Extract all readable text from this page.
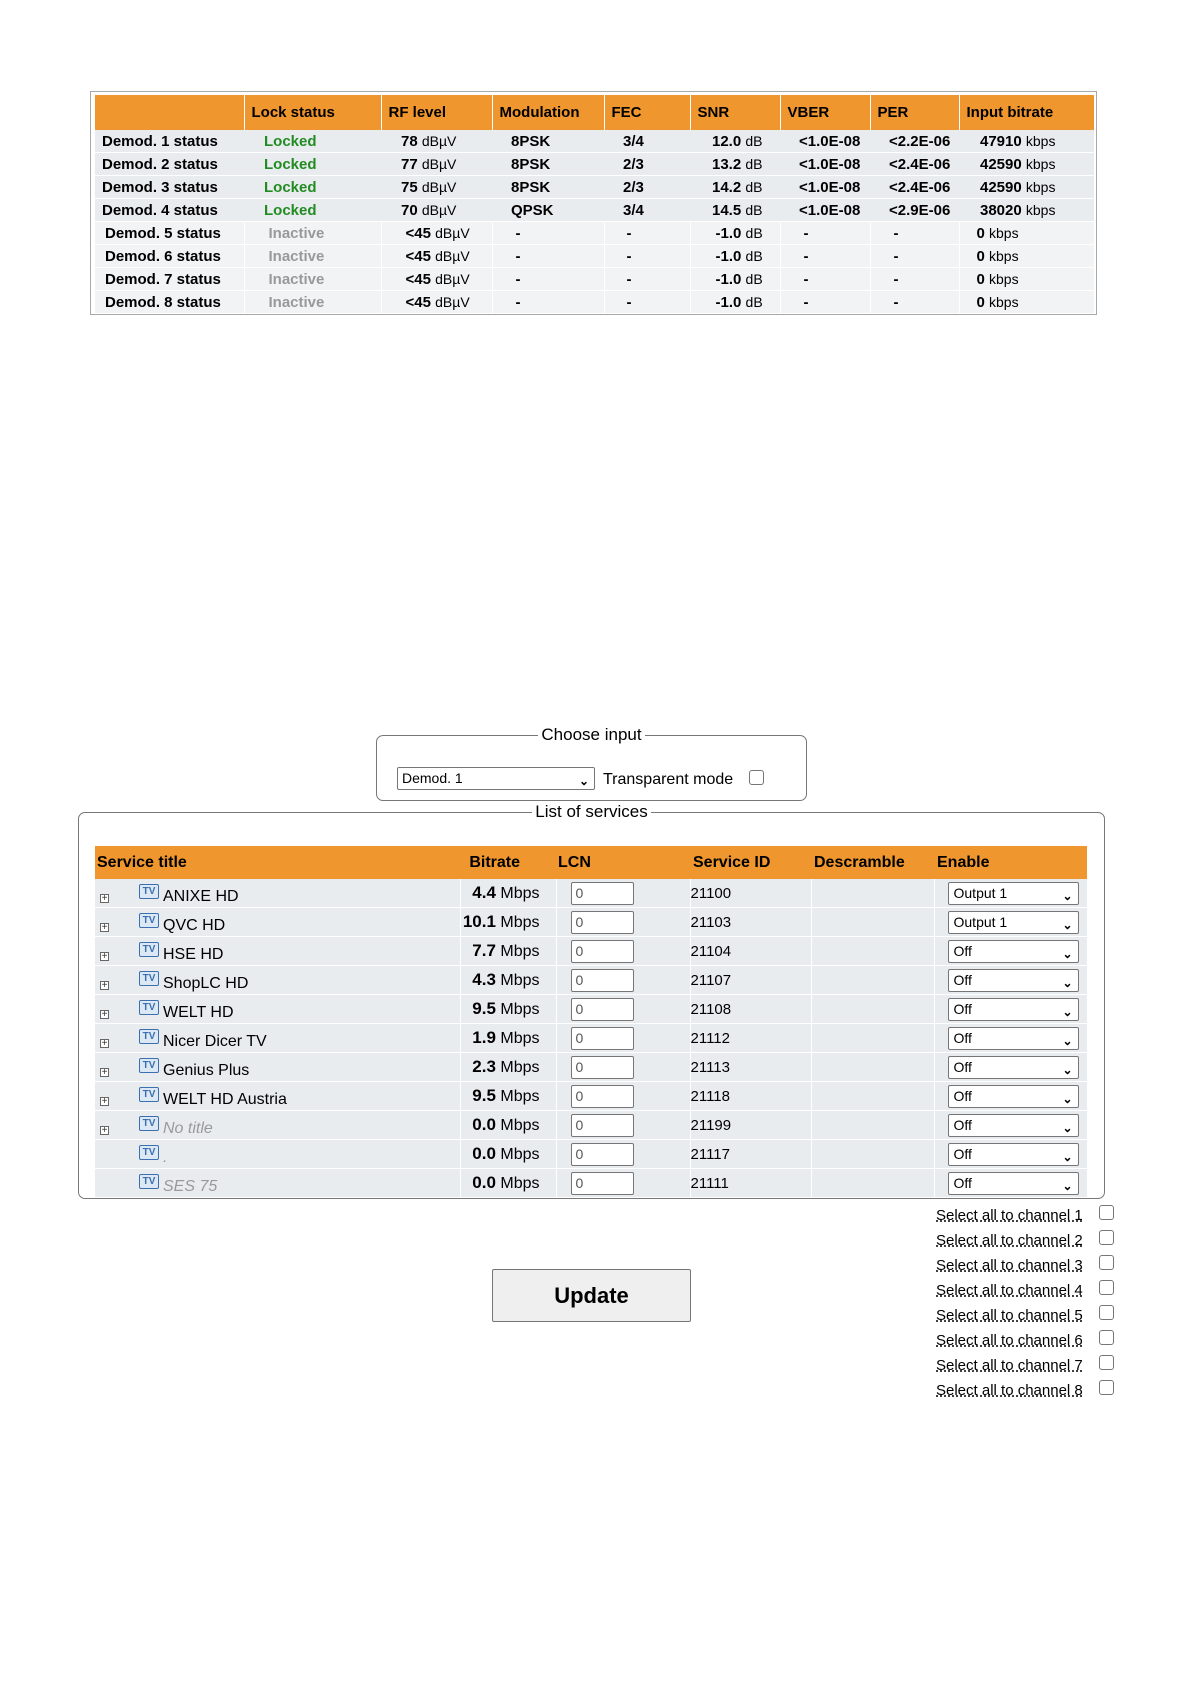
	Lock status	RF level	Modulation	FEC	SNR	VBER	PER	Input bitrate
Demod. 1 status	Locked	78 dBµV	8PSK	3/4	12.0 dB	<1.0E-08	<2.2E-06	47910 kbps
Demod. 2 status	Locked	77 dBµV	8PSK	2/3	13.2 dB	<1.0E-08	<2.4E-06	42590 kbps
Demod. 3 status	Locked	75 dBµV	8PSK	2/3	14.2 dB	<1.0E-08	<2.4E-06	42590 kbps
Demod. 4 status	Locked	70 dBµV	QPSK	3/4	14.5 dB	<1.0E-08	<2.9E-06	38020 kbps
Demod. 5 status	Inactive	<45 dBµV	-	-	-1.0 dB	-	-	0 kbps
Demod. 6 status	Inactive	<45 dBµV	-	-	-1.0 dB	-	-	0 kbps
Demod. 7 status	Inactive	<45 dBµV	-	-	-1.0 dB	-	-	0 kbps
Demod. 8 status	Inactive	<45 dBµV	-	-	-1.0 dB	-	-	0 kbps
Choose input
Demod. 1	⌄ Transparent mode
List of services
Service title	Bitrate	LCN	Service ID	Descramble	Enable

+
TV ANIXE HD	4.4 Mbps	0	21100		Output 1 ⌄

+
TV QVC HD	10.1 Mbps	0	21103		Output 1 ⌄

+
TV HSE HD	7.7 Mbps	0	21104		Off ⌄

+
TV ShopLC HD	4.3 Mbps	0	21107		Off ⌄

+
TV WELT HD	9.5 Mbps	0	21108		Off ⌄

+
TV Nicer Dicer TV	1.9 Mbps	0	21112		Off ⌄

+
TV Genius Plus	2.3 Mbps	0	21113		Off ⌄

+
TV WELT HD Austria	9.5 Mbps	0	21118		Off ⌄

+
TV No title	0.0 Mbps	0	21199		Off ⌄

TV .	0.0 Mbps	0	21117		Off ⌄

TV SES 75	0.0 Mbps	0	21111		Off ⌄
Select all to channel 1
Select all to channel 2
Select all to channel 3
Select all to channel 4
Select all to channel 5
Select all to channel 6
Select all to channel 7
Select all to channel 8
Update
